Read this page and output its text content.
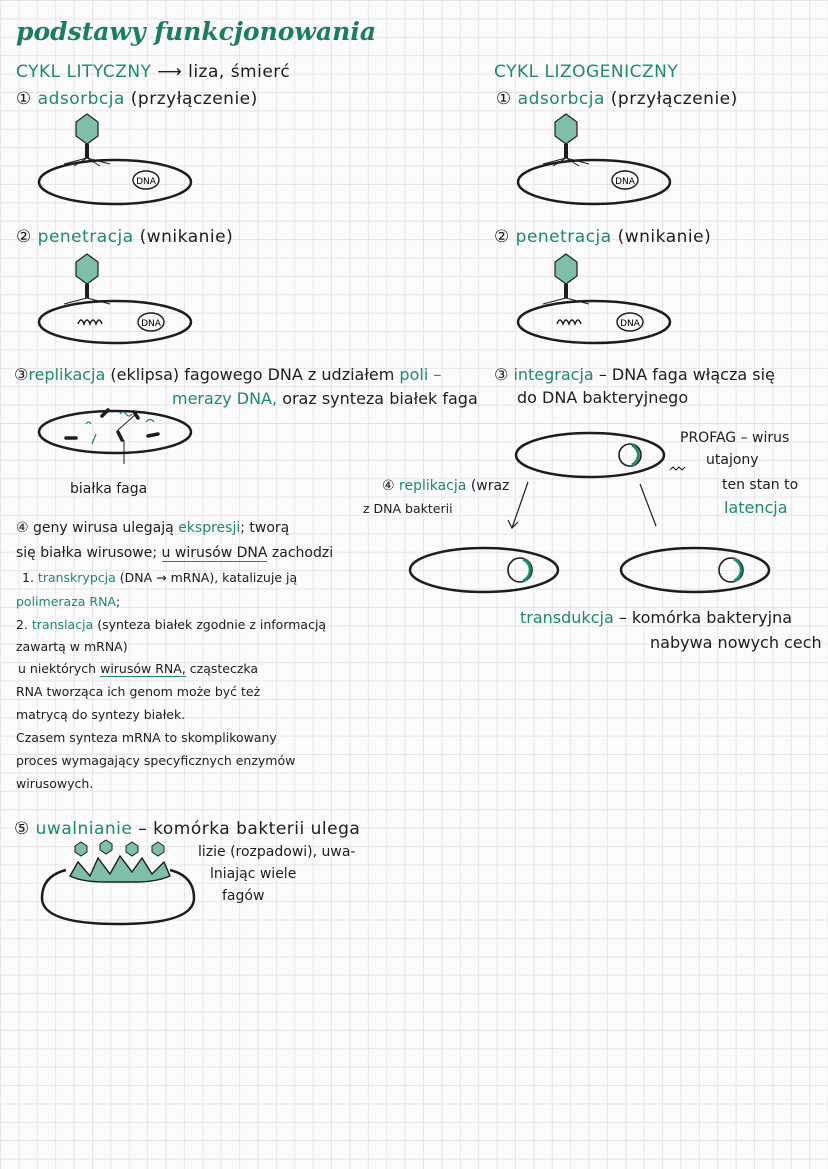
podstawy funkcjonowania
CYKL LITYCZNY ⟶ liza, śmierć
① adsorbcja (przyłączenie)
DNA
② penetracja (wnikanie)
DNA
③replikacja (eklipsa) fagowego DNA z udziałem poli –
merazy DNA, oraz synteza białek faga
białka faga
④ geny wirusa ulegają ekspresji; tworą
się białka wirusowe; u wirusów DNA zachodzi
1. transkrypcja (DNA → mRNA), katalizuje ją
polimeraza RNA;
2. translacja (synteza białek zgodnie z informacją
zawartą w mRNA)
u niektórych wirusów RNA, cząsteczka
RNA tworząca ich genom może być też
matrycą do syntezy białek.
Czasem synteza mRNA to skomplikowany
proces wymagający specyficznych enzymów
wirusowych.
⑤ uwalnianie – komórka bakterii ulega
lizie (rozpadowi), uwa-
lniając wiele
fagów
CYKL LIZOGENICZNY
① adsorbcja (przyłączenie)
DNA
② penetracja (wnikanie)
DNA
③ integracja – DNA faga włącza się
do DNA bakteryjnego
PROFAG – wirus
utajony
ten stan to
latencja
④ replikacja (wraz
z DNA bakterii
transdukcja – komórka bakteryjna
nabywa nowych cech
